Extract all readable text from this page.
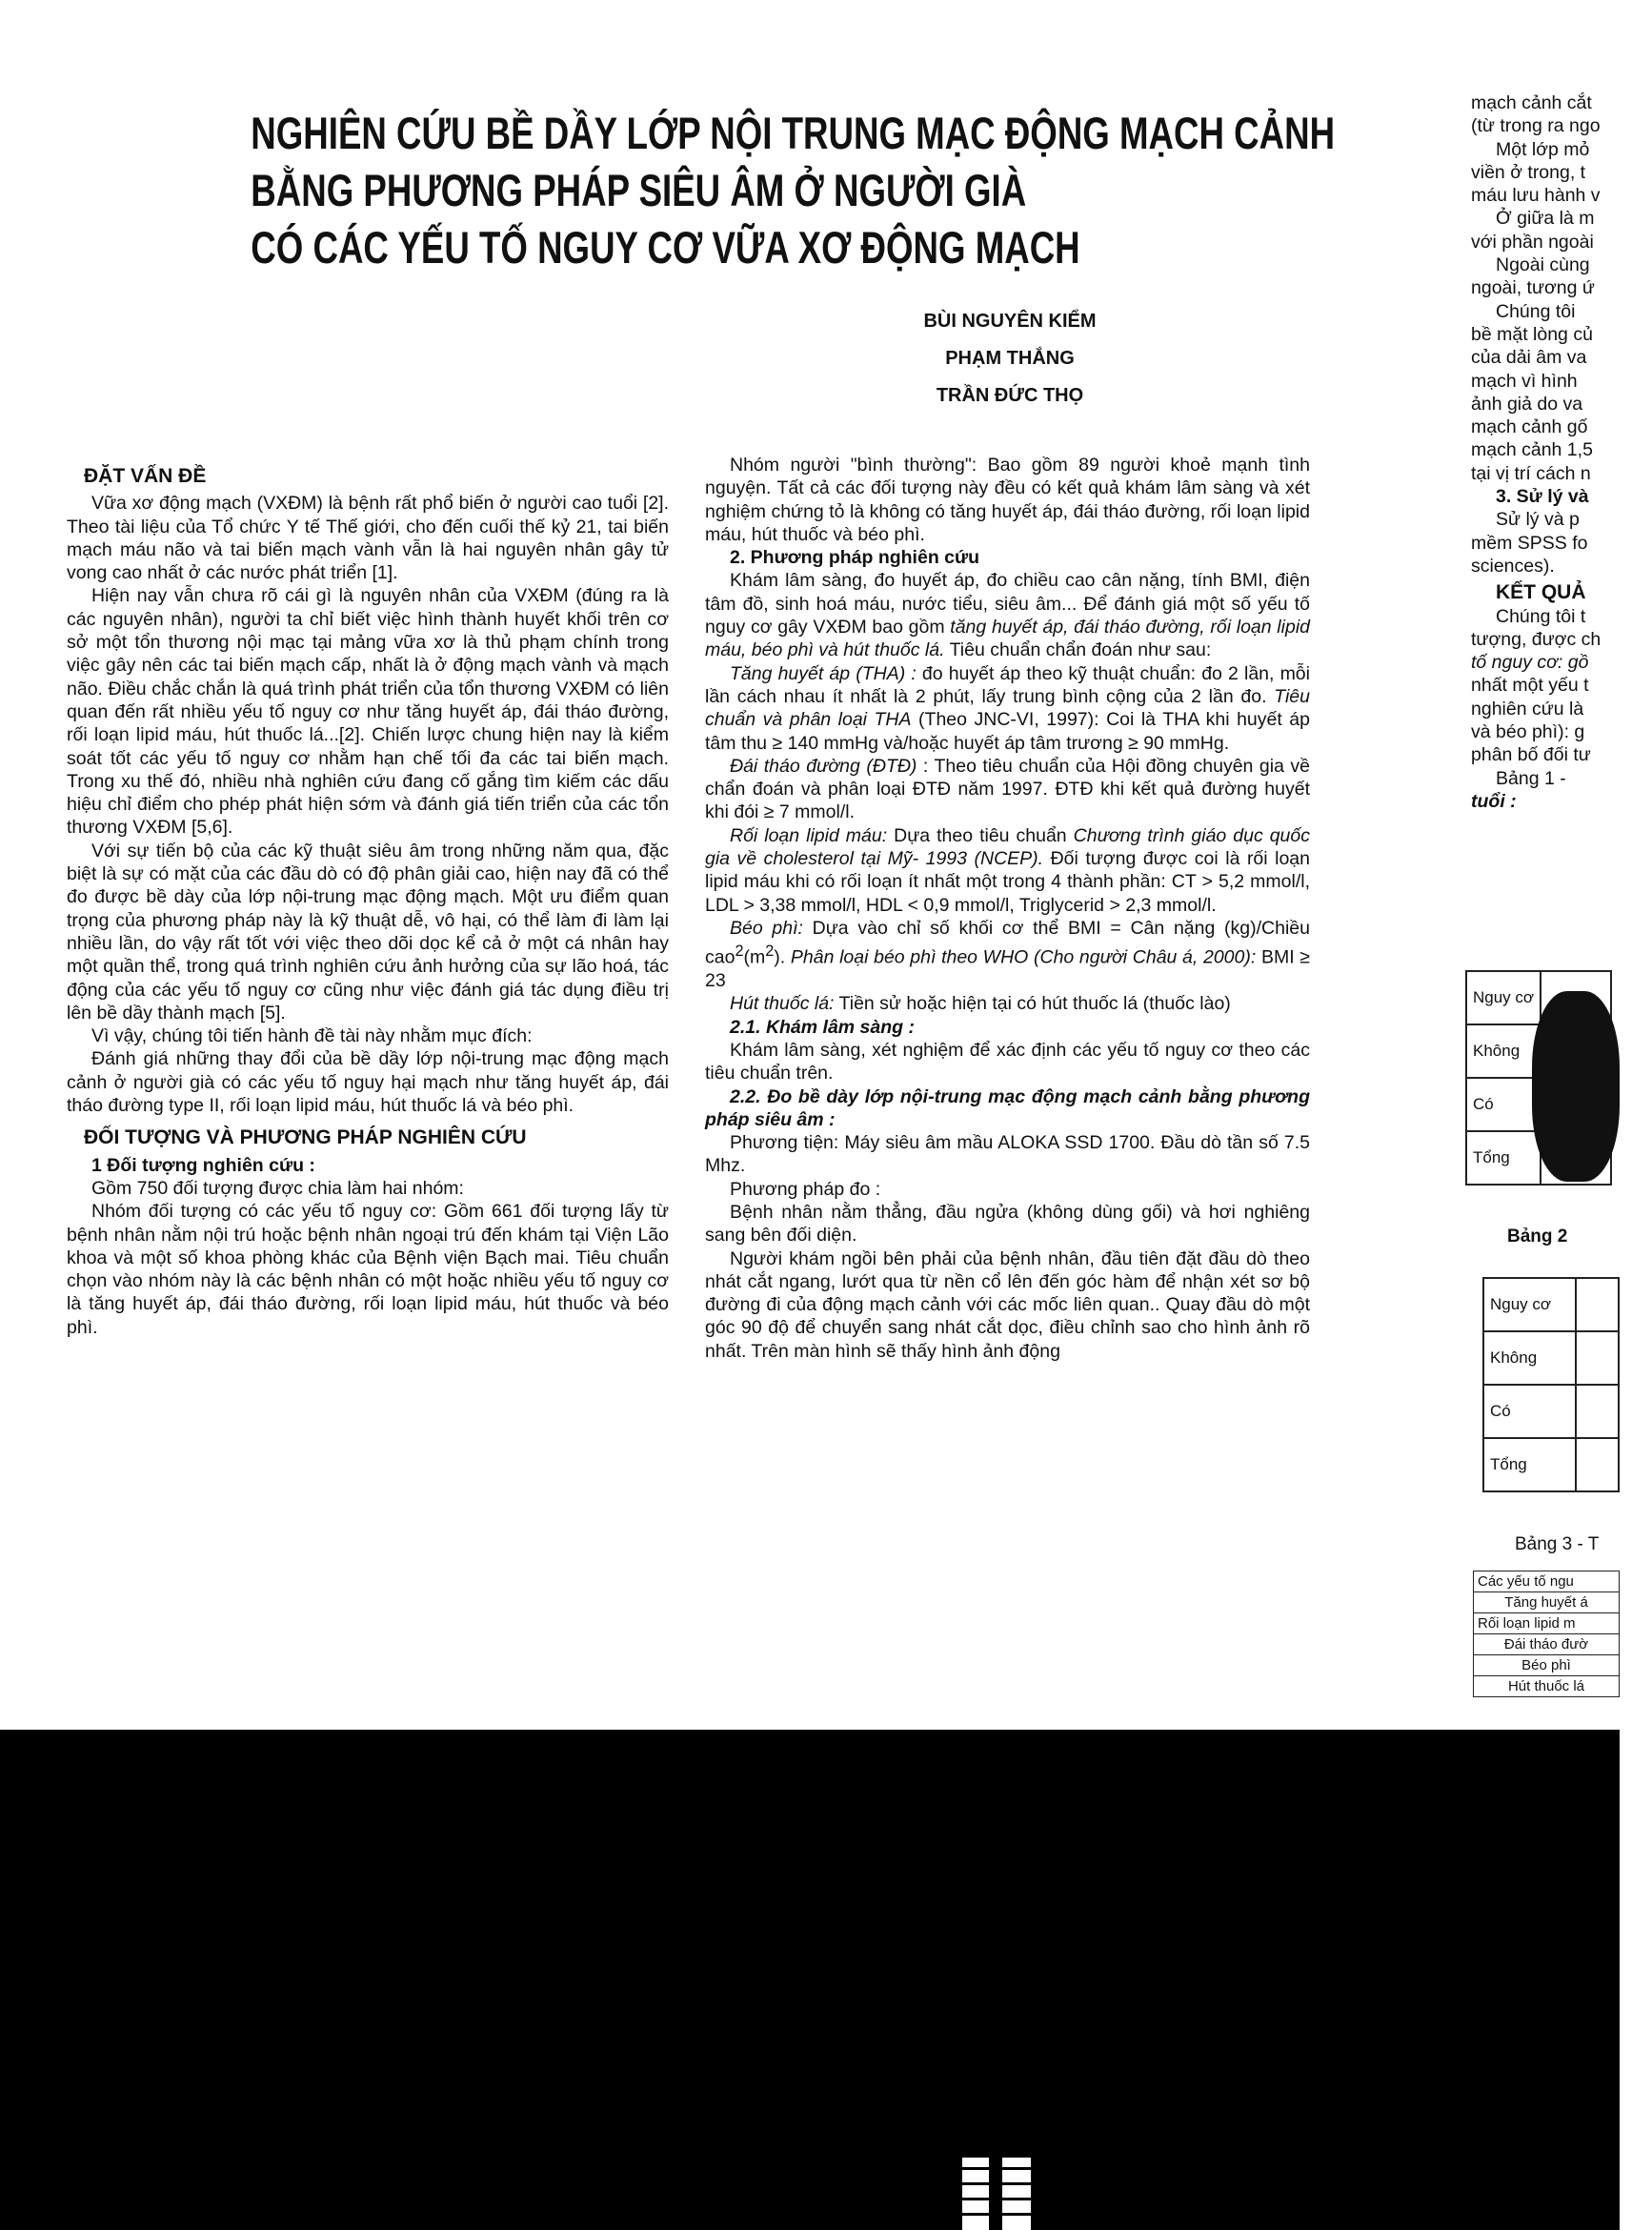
NGHIÊN CỨU BỀ DẦY LỚP NỘI TRUNG MẠC ĐỘNG MẠCH CẢNH
BẰNG PHƯƠNG PHÁP SIÊU ÂM Ở NGƯỜI GIÀ
CÓ CÁC YẾU TỐ NGUY CƠ VỮA XƠ ĐỘNG MẠCH
BÙI NGUYÊN KIỂM
PHẠM THẮNG
TRẦN ĐỨC THỌ
ĐẶT VẤN ĐỀ

Vữa xơ động mạch (VXĐM) là bệnh rất phổ biến ở người cao tuổi [2]. Theo tài liệu của Tổ chức Y tế Thế giới, cho đến cuối thế kỷ 21, tai biến mạch máu não và tai biến mạch vành vẫn là hai nguyên nhân gây tử vong cao nhất ở các nước phát triển [1].

Hiện nay vẫn chưa rõ cái gì là nguyên nhân của VXĐM (đúng ra là các nguyên nhân), người ta chỉ biết việc hình thành huyết khối trên cơ sở một tổn thương nội mạc tại mảng vữa xơ là thủ phạm chính trong việc gây nên các tai biến mạch cấp, nhất là ở động mạch vành và mạch não. Điều chắc chắn là quá trình phát triển của tổn thương VXĐM có liên quan đến rất nhiều yếu tố nguy cơ như tăng huyết áp, đái tháo đường, rối loạn lipid máu, hút thuốc lá...[2]. Chiến lược chung hiện nay là kiểm soát tốt các yếu tố nguy cơ nhằm hạn chế tối đa các tai biến mạch. Trong xu thế đó, nhiều nhà nghiên cứu đang cố gắng tìm kiếm các dấu hiệu chỉ điểm cho phép phát hiện sớm và đánh giá tiến triển của các tổn thương VXĐM [5,6].

Với sự tiến bộ của các kỹ thuật siêu âm trong những năm qua, đặc biệt là sự có mặt của các đầu dò có độ phân giải cao, hiện nay đã có thể đo được bề dày của lớp nội-trung mạc động mạch. Một ưu điểm quan trọng của phương pháp này là kỹ thuật dễ, vô hại, có thể làm đi làm lại nhiều lần, do vậy rất tốt với việc theo dõi dọc kể cả ở một cá nhân hay một quần thể, trong quá trình nghiên cứu ảnh hưởng của sự lão hoá, tác động của các yếu tố nguy cơ cũng như việc đánh giá tác dụng điều trị lên bề dầy thành mạch [5].

Vì vậy, chúng tôi tiến hành đề tài này nhằm mục đích:

Đánh giá những thay đổi của bề dầy lớp nội-trung mạc động mạch cảnh ở người già có các yếu tố nguy hại mạch như tăng huyết áp, đái tháo đường type II, rối loạn lipid máu, hút thuốc lá và béo phì.

ĐỐI TƯỢNG VÀ PHƯƠNG PHÁP NGHIÊN CỨU
1 Đối tượng nghiên cứu :

Gồm 750 đối tượng được chia làm hai nhóm:

Nhóm đối tượng có các yếu tố nguy cơ: Gồm 661 đối tượng lấy từ bệnh nhân nằm nội trú hoặc bệnh nhân ngoại trú đến khám tại Viện Lão khoa và một số khoa phòng khác của Bệnh viện Bạch mai. Tiêu chuẩn chọn vào nhóm này là các bệnh nhân có một hoặc nhiều yếu tố nguy cơ là tăng huyết áp, đái tháo đường, rối loạn lipid máu, hút thuốc và béo phì.

Nhóm người "bình thường": Bao gồm 89 người khoẻ mạnh tình nguyện. Tất cả các đối tượng này đều có kết quả khám lâm sàng và xét nghiệm chứng tỏ là không có tăng huyết áp, đái tháo đường, rối loạn lipid máu, hút thuốc và béo phì.

2. Phương pháp nghiên cứu

Khám lâm sàng, đo huyết áp, đo chiều cao cân nặng, tính BMI, điện tâm đồ, sinh hoá máu, nước tiểu, siêu âm... Để đánh giá một số yếu tố nguy cơ gây VXĐM bao gồm tăng huyết áp, đái tháo đường, rối loạn lipid máu, béo phì và hút thuốc lá. Tiêu chuẩn chẩn đoán như sau:

Tăng huyết áp (THA) : đo huyết áp theo kỹ thuật chuẩn: đo 2 lần, mỗi lần cách nhau ít nhất là 2 phút, lấy trung bình cộng của 2 lần đo. Tiêu chuẩn và phân loại THA (Theo JNC-VI, 1997): Coi là THA khi huyết áp tâm thu ≥ 140 mmHg và/hoặc huyết áp tâm trương ≥ 90 mmHg.

Đái tháo đường (ĐTĐ) : Theo tiêu chuẩn của Hội đồng chuyên gia về chẩn đoán và phân loại ĐTĐ năm 1997. ĐTĐ khi kết quả đường huyết khi đói ≥ 7 mmol/l.

Rối loạn lipid máu: Dựa theo tiêu chuẩn Chương trình giáo dục quốc gia về cholesterol tại Mỹ- 1993 (NCEP). Đối tượng được coi là rối loạn lipid máu khi có rối loạn ít nhất một trong 4 thành phần: CT > 5,2 mmol/l, LDL > 3,38 mmol/l, HDL < 0,9 mmol/l, Triglycerid > 2,3 mmol/l.

Béo phì: Dựa vào chỉ số khối cơ thể BMI = Cân nặng (kg)/Chiều $cao^2(m^2)$. Phân loại béo phì theo WHO (Cho người Châu á, 2000): BMI ≥ 23

Hút thuốc lá: Tiền sử hoặc hiện tại có hút thuốc lá (thuốc lào)

2.1. Khám lâm sàng :

Khám lâm sàng, xét nghiệm để xác định các yếu tố nguy cơ theo các tiêu chuẩn trên.

2.2. Đo bề dày lớp nội-trung mạc động mạch cảnh bằng phương pháp siêu âm :

Phương tiện: Máy siêu âm mầu ALOKA SSD 1700. Đầu dò tần số 7.5 Mhz.

Phương pháp đo :

Bệnh nhân nằm thẳng, đầu ngửa (không dùng gối) và hơi nghiêng sang bên đối diện.

Người khám ngồi bên phải của bệnh nhân, đầu tiên đặt đầu dò theo nhát cắt ngang, lướt qua từ nền cổ lên đến góc hàm để nhận xét sơ bộ đường đi của động mạch cảnh với các mốc liên quan.. Quay đầu dò một góc 90 độ để chuyển sang nhát cắt dọc, điều chỉnh sao cho hình ảnh rõ nhất. Trên màn hình sẽ thấy hình ảnh động

mạch cảnh cắt
(từ trong ra ngo
Một lớp mỏ
viền ở trong, t
máu lưu hành v
Ở giữa là m
với phần ngoài
Ngoài cùng
ngoài, tương ứ
Chúng tôi
bề mặt lòng củ
của dải âm va
mạch vì hình
ảnh giả do va
mạch cảnh gố
mạch cảnh 1,5
tại vị trí cách n
3. Sử lý và
Sử lý và p
mềm SPSS fo
sciences).
KẾT QUẢ
Chúng tôi t
tượng, được ch
tố nguy cơ: gồ
nhất một yếu t
nghiên cứu là
và béo phì): g
phân bố đối tư
Bảng 1 -
tuổi :
Nguy cơ	
Không	
Có	
Tổng	
Bảng 2
Nguy cơ	
Không	
Có	
Tổng	
Bảng 3 - T
Các yếu tố ngu
Tăng huyết á
Rối loạn lipid m
Đái tháo đườ
Béo phì
Hút thuốc lá
